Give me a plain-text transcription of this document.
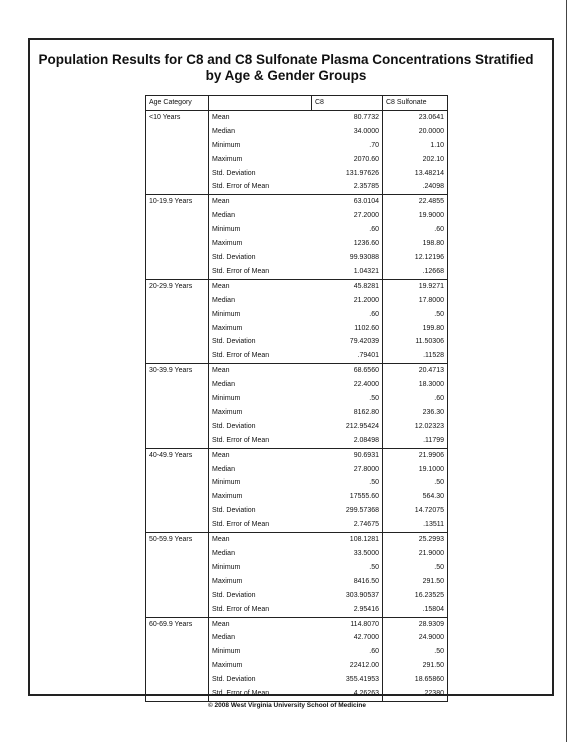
Population Results for C8 and C8 Sulfonate Plasma Concentrations Stratified by Age & Gender Groups
Age Category		C8	C8 Sulfonate
<10 Years	Mean	80.7732	23.0641
	Median	34.0000	20.0000
	Minimum	.70	1.10
	Maximum	2070.60	202.10
	Std. Deviation	131.97626	13.48214
	Std. Error of Mean	2.35785	.24098
10-19.9 Years	Mean	63.0104	22.4855
	Median	27.2000	19.9000
	Minimum	.60	.60
	Maximum	1236.60	198.80
	Std. Deviation	99.93088	12.12196
	Std. Error of Mean	1.04321	.12668
20-29.9 Years	Mean	45.8281	19.9271
	Median	21.2000	17.8000
	Minimum	.60	.50
	Maximum	1102.60	199.80
	Std. Deviation	79.42039	11.50306
	Std. Error of Mean	.79401	.11528
30-39.9 Years	Mean	68.6560	20.4713
	Median	22.4000	18.3000
	Minimum	.50	.60
	Maximum	8162.80	236.30
	Std. Deviation	212.95424	12.02323
	Std. Error of Mean	2.08498	.11799
40-49.9 Years	Mean	90.6931	21.9906
	Median	27.8000	19.1000
	Minimum	.50	.50
	Maximum	17555.60	564.30
	Std. Deviation	299.57368	14.72075
	Std. Error of Mean	2.74675	.13511
50-59.9 Years	Mean	108.1281	25.2993
	Median	33.5000	21.9000
	Minimum	.50	.50
	Maximum	8416.50	291.50
	Std. Deviation	303.90537	16.23525
	Std. Error of Mean	2.95416	.15804
60-69.9 Years	Mean	114.8070	28.9309
	Median	42.7000	24.9000
	Minimum	.60	.50
	Maximum	22412.00	291.50
	Std. Deviation	355.41953	18.65860
	Std. Error of Mean	4.26263	.22380
© 2008 West Virginia University School of Medicine
